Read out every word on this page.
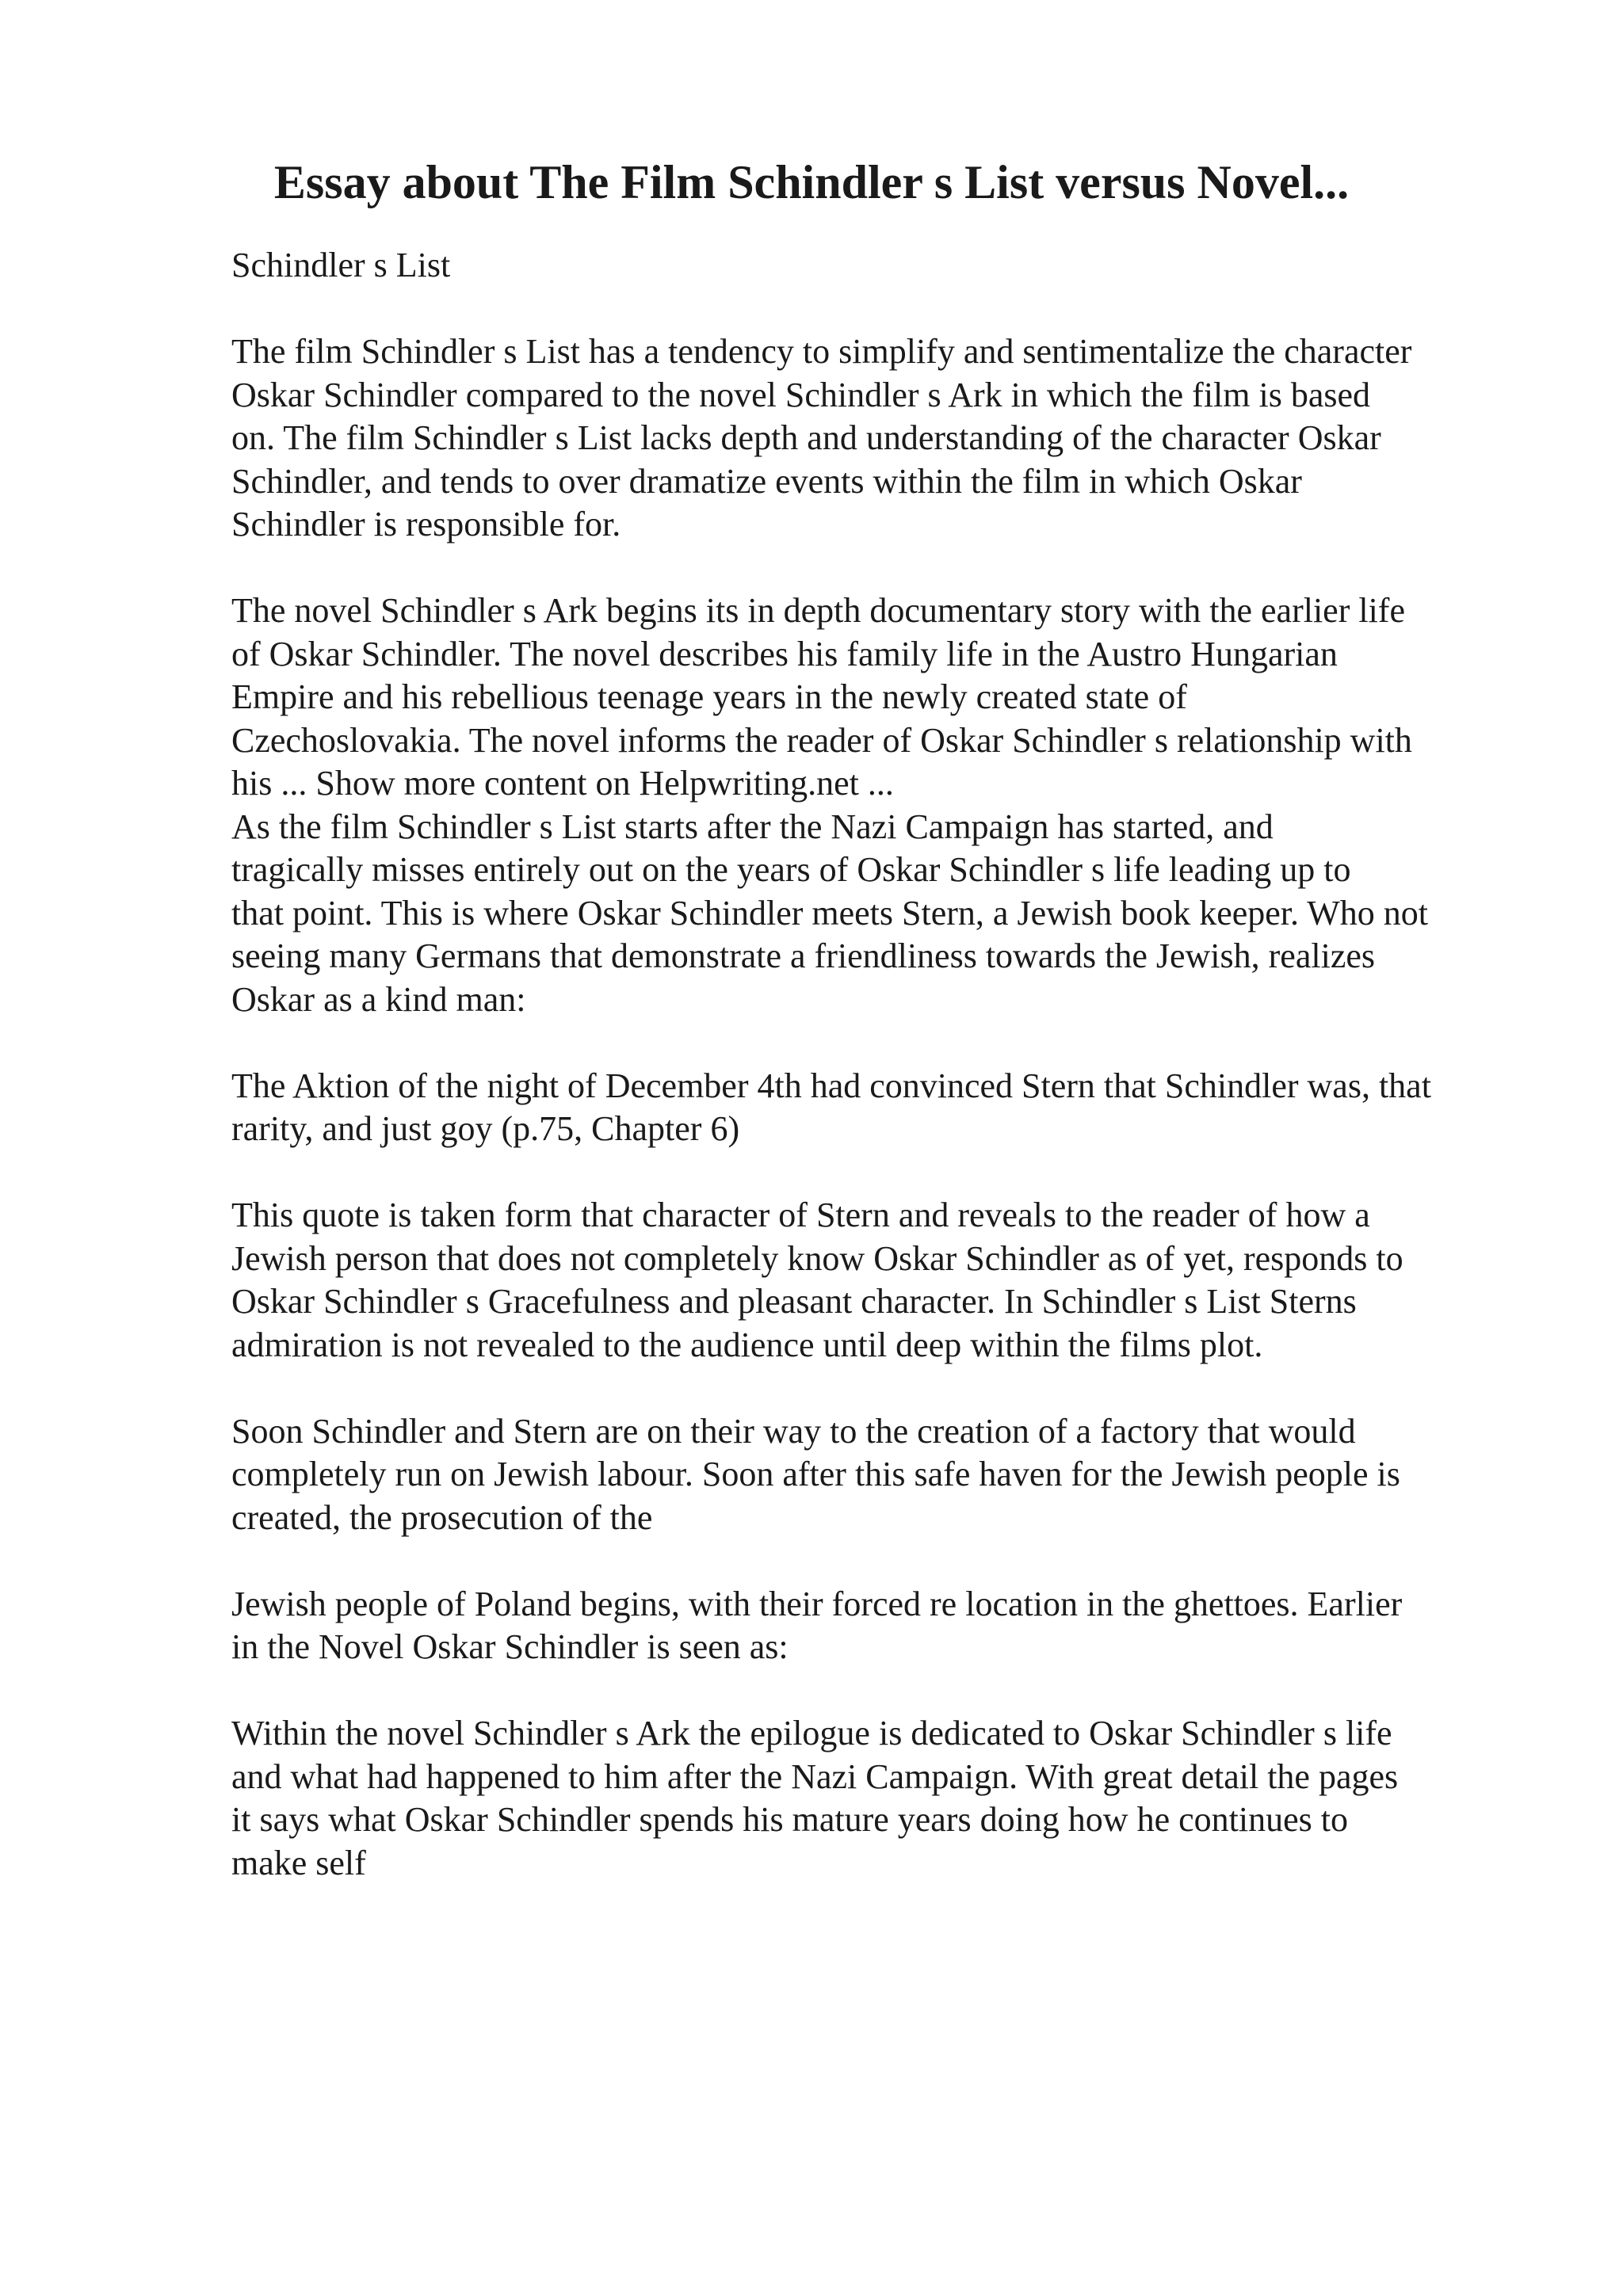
Essay about The Film Schindler s List versus Novel...

Schindler s List

The film Schindler s List has a tendency to simplify and sentimentalize the character
Oskar Schindler compared to the novel Schindler s Ark in which the film is based
on. The film Schindler s List lacks depth and understanding of the character Oskar
Schindler, and tends to over dramatize events within the film in which Oskar
Schindler is responsible for.

The novel Schindler s Ark begins its in depth documentary story with the earlier life
of Oskar Schindler. The novel describes his family life in the Austro Hungarian
Empire and his rebellious teenage years in the newly created state of
Czechoslovakia. The novel informs the reader of Oskar Schindler s relationship with
his ... Show more content on Helpwriting.net ...
As the film Schindler s List starts after the Nazi Campaign has started, and
tragically misses entirely out on the years of Oskar Schindler s life leading up to
that point. This is where Oskar Schindler meets Stern, a Jewish book keeper. Who not
seeing many Germans that demonstrate a friendliness towards the Jewish, realizes
Oskar as a kind man:

The Aktion of the night of December 4th had convinced Stern that Schindler was, that
rarity, and just goy (p.75, Chapter 6)

This quote is taken form that character of Stern and reveals to the reader of how a
Jewish person that does not completely know Oskar Schindler as of yet, responds to
Oskar Schindler s Gracefulness and pleasant character. In Schindler s List Sterns
admiration is not revealed to the audience until deep within the films plot.

Soon Schindler and Stern are on their way to the creation of a factory that would
completely run on Jewish labour. Soon after this safe haven for the Jewish people is
created, the prosecution of the

Jewish people of Poland begins, with their forced re location in the ghettoes. Earlier
in the Novel Oskar Schindler is seen as:

Within the novel Schindler s Ark the epilogue is dedicated to Oskar Schindler s life
and what had happened to him after the Nazi Campaign. With great detail the pages
it says what Oskar Schindler spends his mature years doing how he continues to
make self
